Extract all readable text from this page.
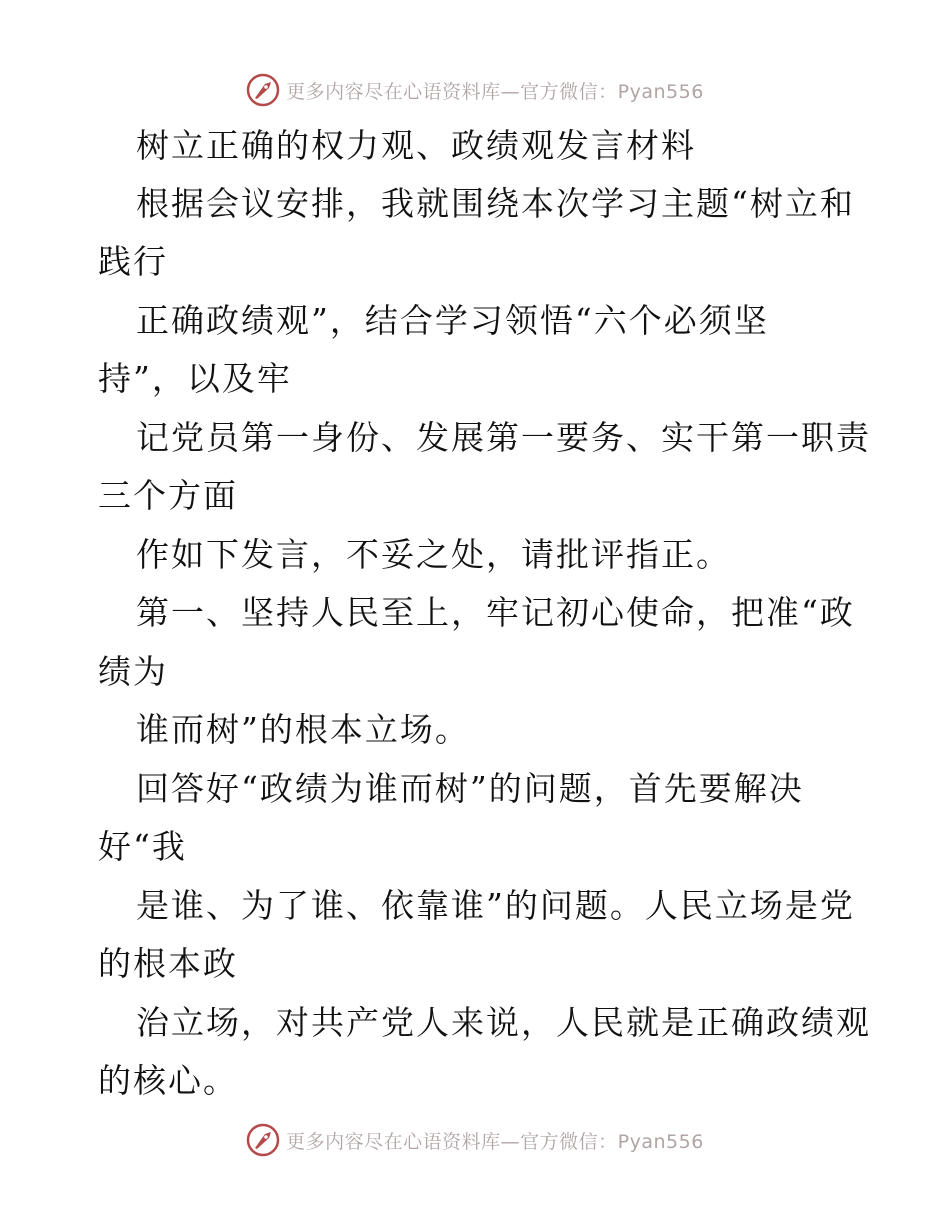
更多内容尽在心语资料库—官方微信：Pyan556
树立正确的权力观、政绩观发言材料
根据会议安排，我就围绕本次学习主题“树立和
践行
正确政绩观”，结合学习领悟“六个必须坚
持”，以及牢
记党员第一身份、发展第一要务、实干第一职责
三个方面
作如下发言，不妥之处，请批评指正。
第一、坚持人民至上，牢记初心使命，把准“政
绩为
谁而树”的根本立场。
回答好“政绩为谁而树”的问题，首先要解决
好“我
是谁、为了谁、依靠谁”的问题。人民立场是党
的根本政
治立场，对共产党人来说，人民就是正确政绩观
的核心。
更多内容尽在心语资料库—官方微信：Pyan556
